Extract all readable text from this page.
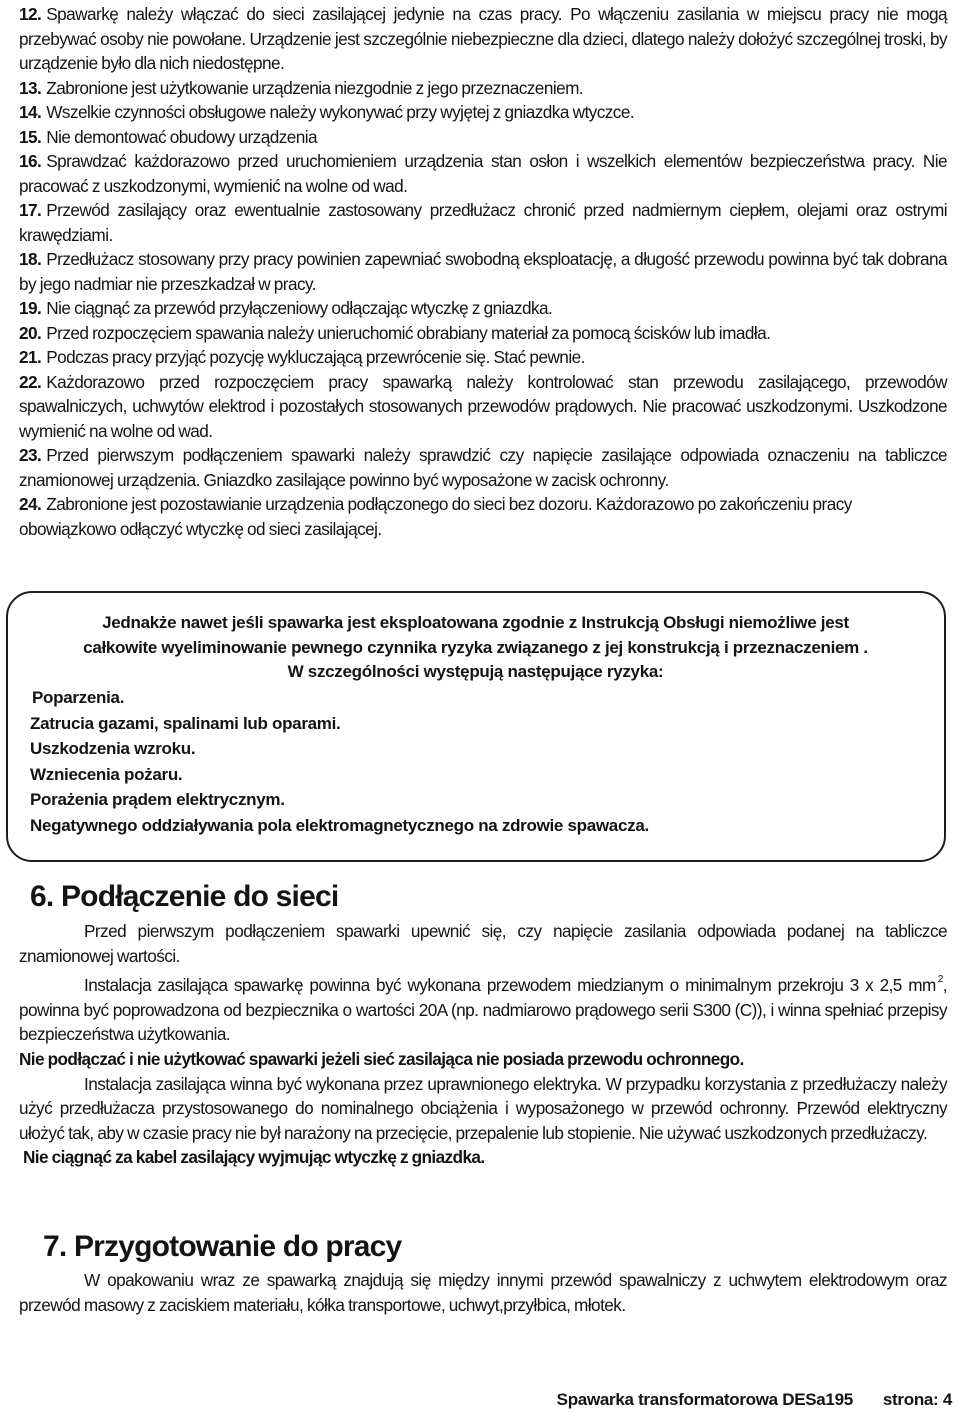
12. Spawarkę należy włączać do sieci zasilającej jedynie na czas pracy. Po włączeniu zasilania w miejscu pracy nie mogą przebywać osoby nie powołane. Urządzenie jest szczególnie niebezpieczne dla dzieci, dlatego należy dołożyć szczególnej troski, by urządzenie było dla nich niedostępne.

13. Zabronione jest użytkowanie urządzenia niezgodnie z jego przeznaczeniem.

14. Wszelkie czynności obsługowe należy wykonywać przy wyjętej z gniazdka wtyczce.

15. Nie demontować obudowy urządzenia

16. Sprawdzać każdorazowo przed uruchomieniem urządzenia stan osłon i wszelkich elementów bezpieczeństwa pracy. Nie pracować z uszkodzonymi, wymienić na wolne od wad.

17. Przewód zasilający oraz ewentualnie zastosowany przedłużacz chronić przed nadmiernym ciepłem, olejami oraz ostrymi krawędziami.

18. Przedłużacz stosowany przy pracy powinien zapewniać swobodną eksploatację, a długość przewodu powinna być tak dobrana by jego nadmiar nie przeszkadzał w pracy.

19. Nie ciągnąć za przewód przyłączeniowy odłączając wtyczkę z gniazdka.

20. Przed rozpoczęciem spawania należy unieruchomić obrabiany materiał za pomocą ścisków lub imadła.

21. Podczas pracy przyjąć pozycję wykluczającą przewrócenie się. Stać pewnie.

22. Każdorazowo przed rozpoczęciem pracy spawarką należy kontrolować stan przewodu zasilającego, przewodów spawalniczych, uchwytów elektrod i pozostałych stosowanych przewodów prądowych. Nie pracować uszkodzonymi. Uszkodzone wymienić na wolne od wad.

23. Przed pierwszym podłączeniem spawarki należy sprawdzić czy napięcie zasilające odpowiada oznaczeniu na tabliczce znamionowej urządzenia. Gniazdko zasilające powinno być wyposażone w zacisk ochronny.

24. Zabronione jest pozostawianie urządzenia podłączonego do sieci bez dozoru. Każdorazowo po zakończeniu pracy obowiązkowo odłączyć wtyczkę od sieci zasilającej.

Jednakże nawet jeśli spawarka jest eksploatowana zgodnie z Instrukcją Obsługi niemożliwe jest
całkowite wyeliminowanie pewnego czynnika ryzyka związanego z jej konstrukcją i przeznaczeniem .
W szczególności występują następujące ryzyka:

Poparzenia.
Zatrucia gazami, spalinami lub oparami.
Uszkodzenia wzroku.
Wzniecenia pożaru.
Porażenia prądem elektrycznym.
Negatywnego oddziaływania pola elektromagnetycznego na zdrowie spawacza.
6. Podłączenie do sieci

Przed pierwszym podłączeniem spawarki upewnić się, czy napięcie zasilania odpowiada podanej na tabliczce znamionowej wartości.

Instalacja zasilająca spawarkę powinna być wykonana przewodem miedzianym o minimalnym przekroju 3 x 2,5 mm $^2$, powinna być poprowadzona od bezpiecznika o wartości 20A (np. nadmiarowo prądowego serii S300 (C)), i winna spełniać przepisy bezpieczeństwa użytkowania.

Nie podłączać i nie użytkować spawarki jeżeli sieć zasilająca nie posiada przewodu ochronnego.

Instalacja zasilająca winna być wykonana przez uprawnionego elektryka. W przypadku korzystania z przedłużaczy należy użyć przedłużacza przystosowanego do nominalnego obciążenia i wyposażonego w przewód ochronny. Przewód elektryczny ułożyć tak, aby w czasie pracy nie był narażony na przecięcie, przepalenie lub stopienie. Nie używać uszkodzonych przedłużaczy.

Nie ciągnąć za kabel zasilający wyjmując wtyczkę z gniazdka.

7. Przygotowanie do pracy

W opakowaniu wraz ze spawarką znajdują się między innymi przewód spawalniczy z uchwytem elektrodowym oraz przewód masowy z zaciskiem materiału, kółka transportowe, uchwyt,przyłbica, młotek.

Spawarka transformatorowa DESa195 strona: 4
